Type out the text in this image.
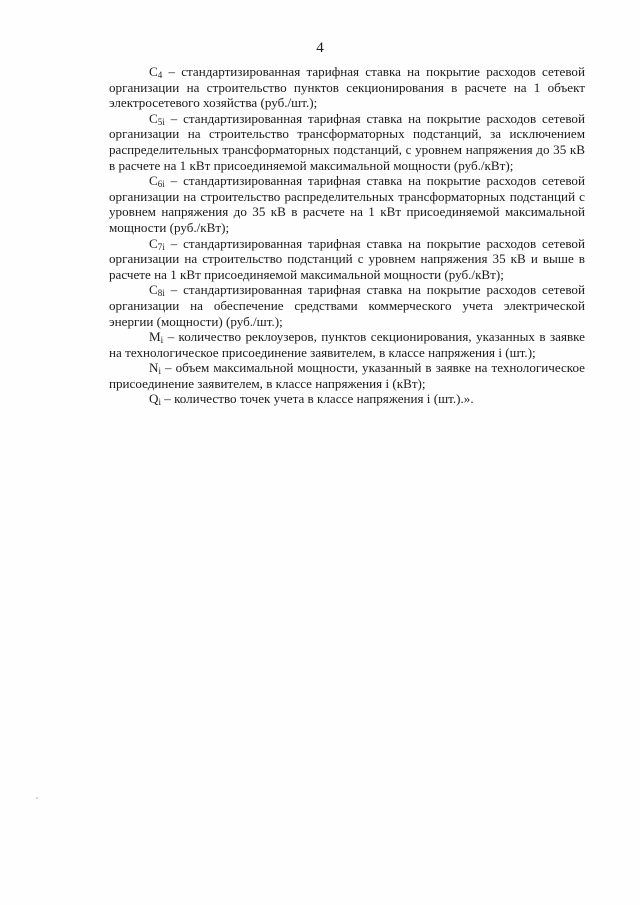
4

$C_4$ – стандартизированная тарифная ставка на покрытие расходов сетевой организации на строительство пунктов секционирования в расчете на 1 объект электросетевого хозяйства (руб./шт.);

$C_{5i}$ – стандартизированная тарифная ставка на покрытие расходов сетевой организации на строительство трансформаторных подстанций, за исключением распределительных трансформаторных подстанций, с уровнем напряжения до 35 кВ в расчете на 1 кВт присоединяемой максимальной мощности (руб./кВт);

$C_{6i}$ – стандартизированная тарифная ставка на покрытие расходов сетевой организации на строительство распределительных трансформаторных подстанций с уровнем напряжения до 35 кВ в расчете на 1 кВт присоединяемой максимальной мощности (руб./кВт);

$C_{7i}$ – стандартизированная тарифная ставка на покрытие расходов сетевой организации на строительство подстанций с уровнем напряжения 35 кВ и выше в расчете на 1 кВт присоединяемой максимальной мощности (руб./кВт);

$C_{8i}$ – стандартизированная тарифная ставка на покрытие расходов сетевой организации на обеспечение средствами коммерческого учета электрической энергии (мощности) (руб./шт.);

$M_i$ – количество реклоузеров, пунктов секционирования, указанных в заявке на технологическое присоединение заявителем, в классе напряжения i (шт.);

$N_i$ – объем максимальной мощности, указанный в заявке на технологическое присоединение заявителем, в классе напряжения i (кВт);

$Q_i$ – количество точек учета в классе напряжения i (шт.).».
